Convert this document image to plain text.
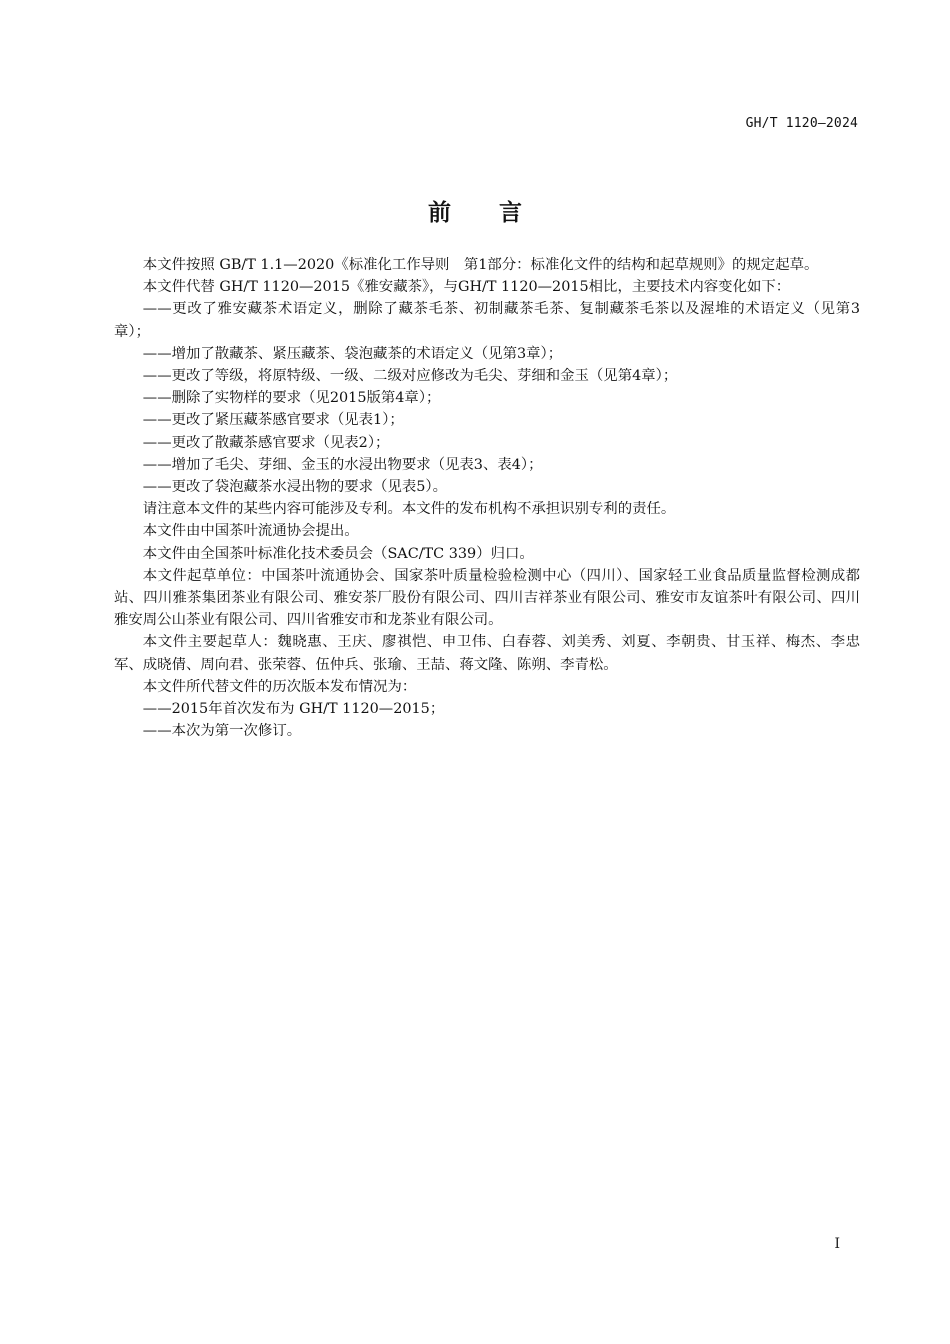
GH/T 1120—2024
前言

本文件按照 GB/T 1.1—2020《标准化工作导则　第1部分：标准化文件的结构和起草规则》的规定起草。

本文件代替 GH/T 1120—2015《雅安藏茶》，与GH/T 1120—2015相比，主要技术内容变化如下：

——更改了雅安藏茶术语定义，删除了藏茶毛茶、初制藏茶毛茶、复制藏茶毛茶以及渥堆的术语定义（见第3章）；

——增加了散藏茶、紧压藏茶、袋泡藏茶的术语定义（见第3章）；

——更改了等级，将原特级、一级、二级对应修改为毛尖、芽细和金玉（见第4章）；

——删除了实物样的要求（见2015版第4章）；

——更改了紧压藏茶感官要求（见表1）；

——更改了散藏茶感官要求（见表2）；

——增加了毛尖、芽细、金玉的水浸出物要求（见表3、表4）；

——更改了袋泡藏茶水浸出物的要求（见表5）。

请注意本文件的某些内容可能涉及专利。本文件的发布机构不承担识别专利的责任。

本文件由中国茶叶流通协会提出。

本文件由全国茶叶标准化技术委员会（SAC/TC 339）归口。

本文件起草单位：中国茶叶流通协会、国家茶叶质量检验检测中心（四川）、国家轻工业食品质量监督检测成都站、四川雅茶集团茶业有限公司、雅安茶厂股份有限公司、四川吉祥茶业有限公司、雅安市友谊茶叶有限公司、四川雅安周公山茶业有限公司、四川省雅安市和龙茶业有限公司。

本文件主要起草人：魏晓惠、王庆、廖祺恺、申卫伟、白春蓉、刘美秀、刘夏、李朝贵、甘玉祥、梅杰、李忠军、成晓倩、周向君、张荣蓉、伍仲兵、张瑜、王喆、蒋文隆、陈朔、李青松。

本文件所代替文件的历次版本发布情况为：

——2015年首次发布为 GH/T 1120—2015；

——本次为第一次修订。

I
